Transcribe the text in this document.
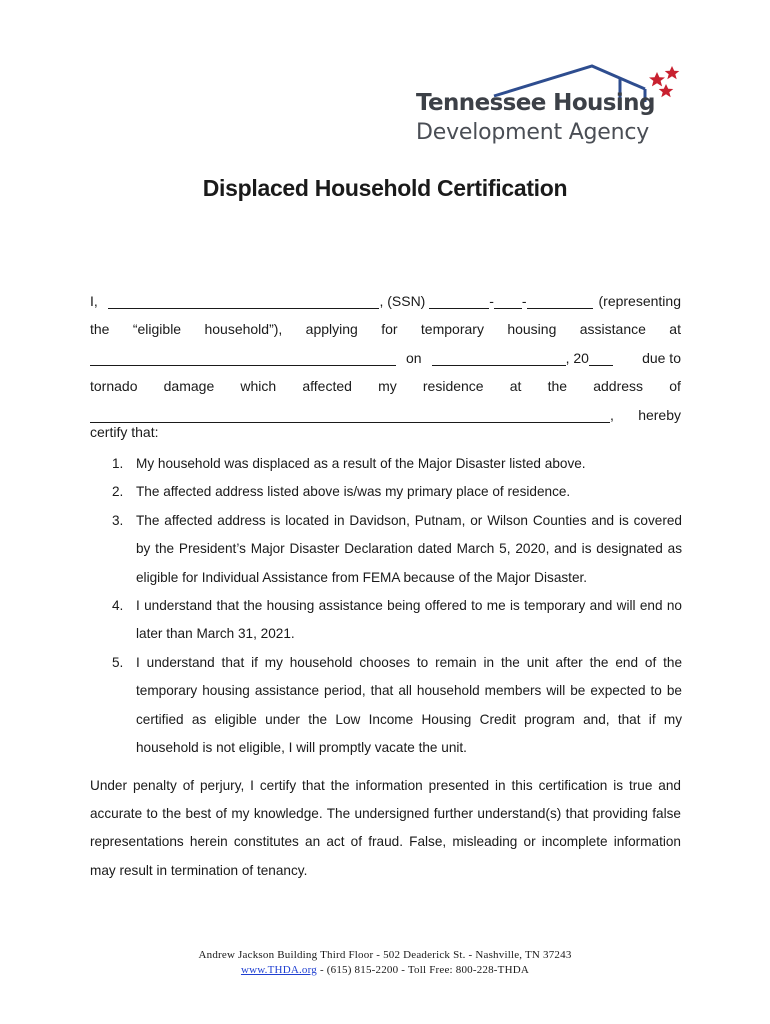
Tennessee Housing

Development Agency

Displaced Household Certification
I,	, (SSN)	- -	(representing
the “eligible household”), applying for temporary housing assistance at
on	, 20	due to
tornado damage which affected my residence at the address of
, hereby

certify that:

1. My household was displaced as a result of the Major Disaster listed above.
2. The affected address listed above is/was my primary place of residence.
3. The affected address is located in Davidson, Putnam, or Wilson Counties and is covered by the President’s Major Disaster Declaration dated March 5, 2020, and is designated as eligible for Individual Assistance from FEMA because of the Major Disaster.
4. I understand that the housing assistance being offered to me is temporary and will end no later than March 31, 2021.
5. I understand that if my household chooses to remain in the unit after the end of the temporary housing assistance period, that all household members will be expected to be certified as eligible under the Low Income Housing Credit program and, that if my household is not eligible, I will promptly vacate the unit.

Under penalty of perjury, I certify that the information presented in this certification is true and accurate to the best of my knowledge. The undersigned further understand(s) that providing false representations herein constitutes an act of fraud. False, misleading or incomplete information may result in termination of tenancy.

Andrew Jackson Building Third Floor - 502 Deaderick St. - Nashville, TN 37243
www.THDA.org - (615) 815-2200 - Toll Free: 800-228-THDA
